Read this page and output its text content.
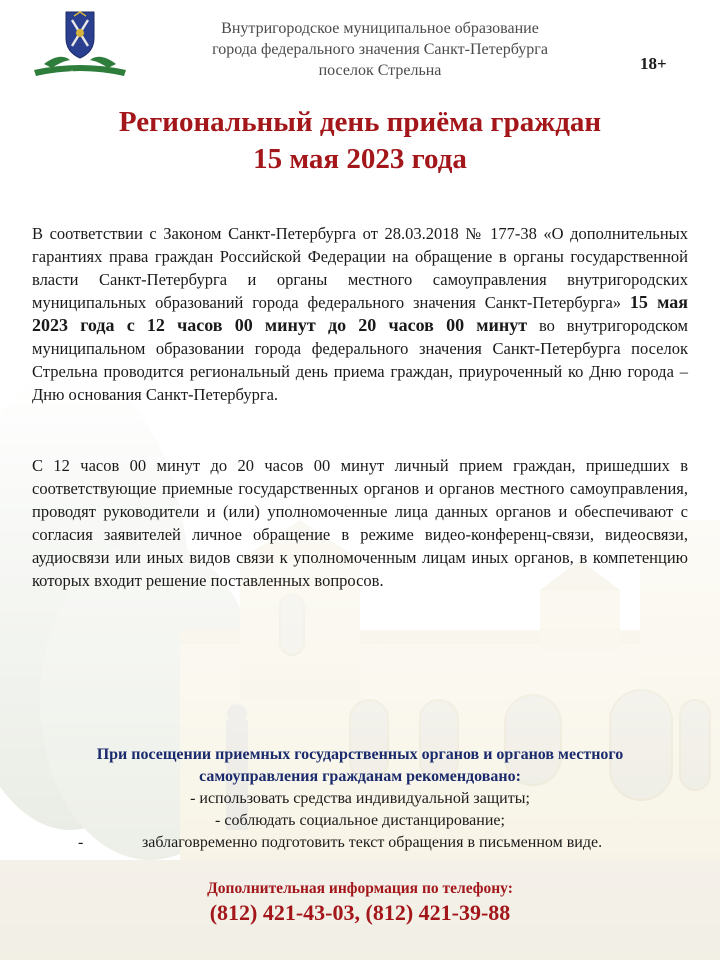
Стрельна
Внутригородское муниципальное образование
города федерального значения Санкт-Петербурга
поселок Стрельна	18+
Региональный день приёма граждан
15 мая 2023 года
В соответствии с Законом Санкт-Петербурга от 28.03.2018 № 177-38 «О дополнительных гарантиях права граждан Российской Федерации на обращение в органы государственной власти Санкт-Петербурга и органы местного самоуправления внутригородских муниципальных образований города федерального значения Санкт-Петербурга» 15 мая 2023 года с 12 часов 00 минут до 20 часов 00 минут во внутригородском муниципальном образовании города федерального значения Санкт-Петербурга поселок Стрельна проводится региональный день приема граждан, приуроченный ко Дню города – Дню основания Санкт-Петербурга.
С 12 часов 00 минут до 20 часов 00 минут личный прием граждан, пришедших в соответствующие приемные государственных органов и органов местного самоуправления, проводят руководители и (или) уполномоченные лица данных органов и обеспечивают с согласия заявителей личное обращение в режиме видео-конференц-связи, видеосвязи, аудиосвязи или иных видов связи к уполномоченным лицам иных органов, в компетенцию которых входит решение поставленных вопросов.
При посещении приемных государственных органов и органов местного
самоуправления гражданам рекомендовано:
- использовать средства индивидуальной защиты;
- соблюдать социальное дистанцирование;
-	заблаговременно подготовить текст обращения в письменном виде.
Дополнительная информация по телефону:
(812) 421-43-03, (812) 421-39-88
